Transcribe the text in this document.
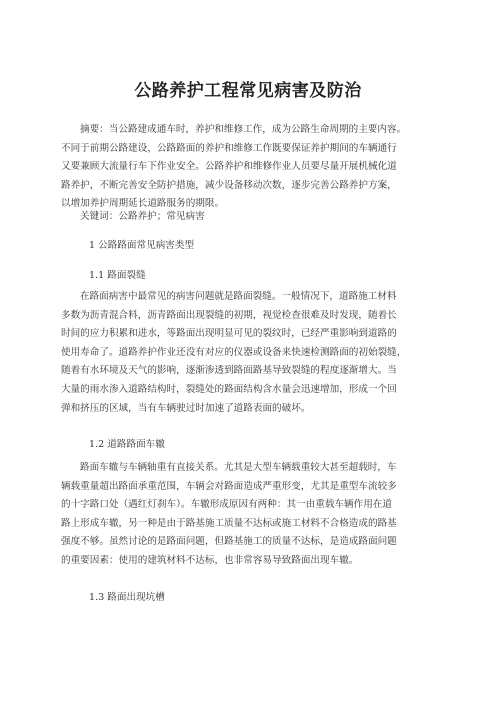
公路养护工程常见病害及防治

摘要：当公路建成通车时，养护和维修工作，成为公路生命周期的主要内容。
不同于前期公路建设，公路路面的养护和维修工作既要保证养护期间的车辆通行
又要兼顾大流量行车下作业安全。公路养护和维修作业人员要尽量开展机械化道
路养护，不断完善安全防护措施，减少设备移动次数，逐步完善公路养护方案，
以增加养护周期延长道路服务的期限。

关键词：公路养护；常见病害
1 公路路面常见病害类型
1.1 路面裂缝

在路面病害中最常见的病害问题就是路面裂缝。一般情况下，道路施工材料
多数为沥青混合料，沥青路面出现裂缝的初期，视觉检查很难及时发现，随着长
时间的应力积累和进水，等路面出现明显可见的裂纹时，已经严重影响到道路的
使用寿命了。道路养护作业还没有对应的仪器或设备来快速检测路面的初始裂缝，
随着有水环境及天气的影响，逐渐渗透到路面路基导致裂缝的程度逐渐增大。当
大量的雨水渗入道路结构时，裂缝处的路面结构含水量会迅速增加，形成一个回
弹和挤压的区域，当有车辆驶过时加速了道路表面的破坏。

1.2 道路路面车辙

路面车辙与车辆轴重有直接关系。尤其是大型车辆载重较大甚至超载时，车
辆载重量超出路面承重范围，车辆会对路面造成严重形变，尤其是重型车流较多
的十字路口处（遇红灯刹车）。车辙形成原因有两种：其一由重载车辆作用在道
路上形成车辙，另一种是由于路基施工质量不达标或施工材料不合格造成的路基
强度不够。虽然讨论的是路面问题，但路基施工的质量不达标，是造成路面问题
的重要因素：使用的建筑材料不达标，也非常容易导致路面出现车辙。

1.3 路面出现坑槽
